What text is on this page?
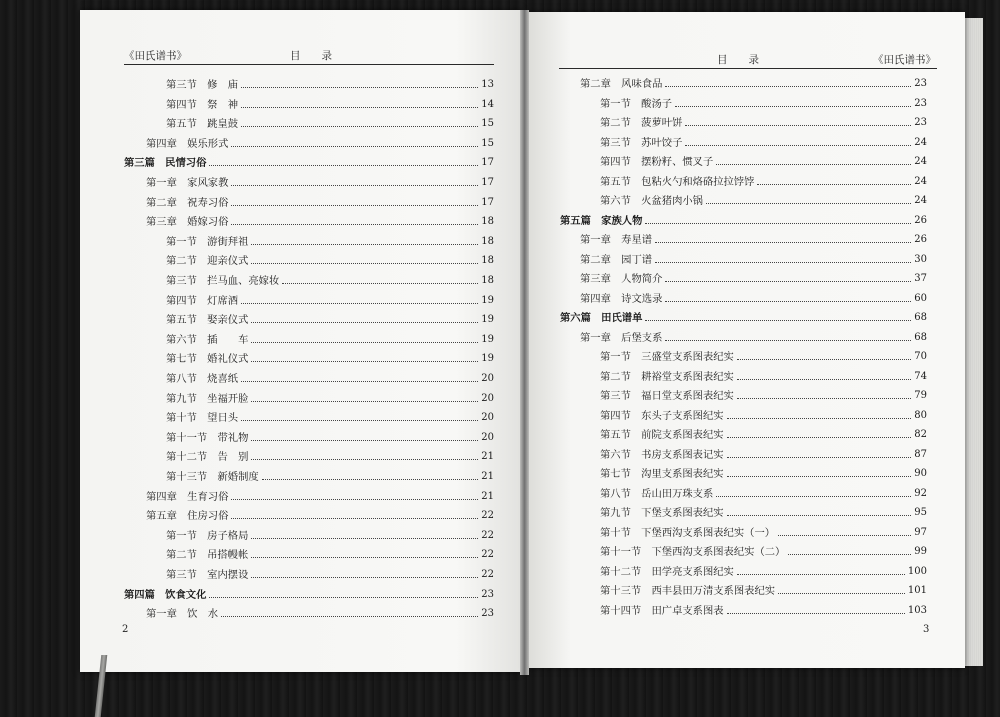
《田氏谱书》	目　　录
第三节　修　庙	13
第四节　祭　神	14
第五节　跳皇鼓	15
第四章　娱乐形式	15
第三篇　民情习俗	17
第一章　家风家教	17
第二章　祝寿习俗	17
第三章　婚嫁习俗	18
第一节　游街拜祖	18
第二节　迎亲仪式	18
第三节　拦马血、亮嫁妆	18
第四节　灯席酒	19
第五节　娶亲仪式	19
第六节　插　　车	19
第七节　婚礼仪式	19
第八节　烧喜纸	20
第九节　坐福开脸	20
第十节　望日头	20
第十一节　带礼物	20
第十二节　告　别	21
第十三节　新婚制度	21
第四章　生育习俗	21
第五章　住房习俗	22
第一节　房子格局	22
第二节　吊搭幔帐	22
第三节　室内摆设	22
第四篇　饮食文化	23
第一章　饮　水	23
2
目　　录	《田氏谱书》
第二章　风味食品	23
第一节　酸汤子	23
第二节　菠萝叶饼	23
第三节　苏叶饺子	24
第四节　摆粉籽、惯叉子	24
第五节　包粘火勺和烙硌拉拉饽饽	24
第六节　火盆猪肉小锅	24
第五篇　家族人物	26
第一章　寿星谱	26
第二章　园丁谱	30
第三章　人物简介	37
第四章　诗文选录	60
第六篇　田氏谱单	68
第一章　后堡支系	68
第一节　三盛堂支系图表纪实	70
第二节　耕裕堂支系图表纪实	74
第三节　福日堂支系图表纪实	79
第四节　东头子支系图纪实	80
第五节　前院支系图表纪实	82
第六节　书房支系图表记实	87
第七节　沟里支系图表纪实	90
第八节　岳山田万珠支系	92
第九节　下堡支系图表纪实	95
第十节　下堡西沟支系图表纪实（一）	97
第十一节　下堡西沟支系图表纪实（二）	99
第十二节　田学亮支系图纪实	100
第十三节　西丰县田万清支系图表纪实	101
第十四节　田广卓支系图表	103
3
